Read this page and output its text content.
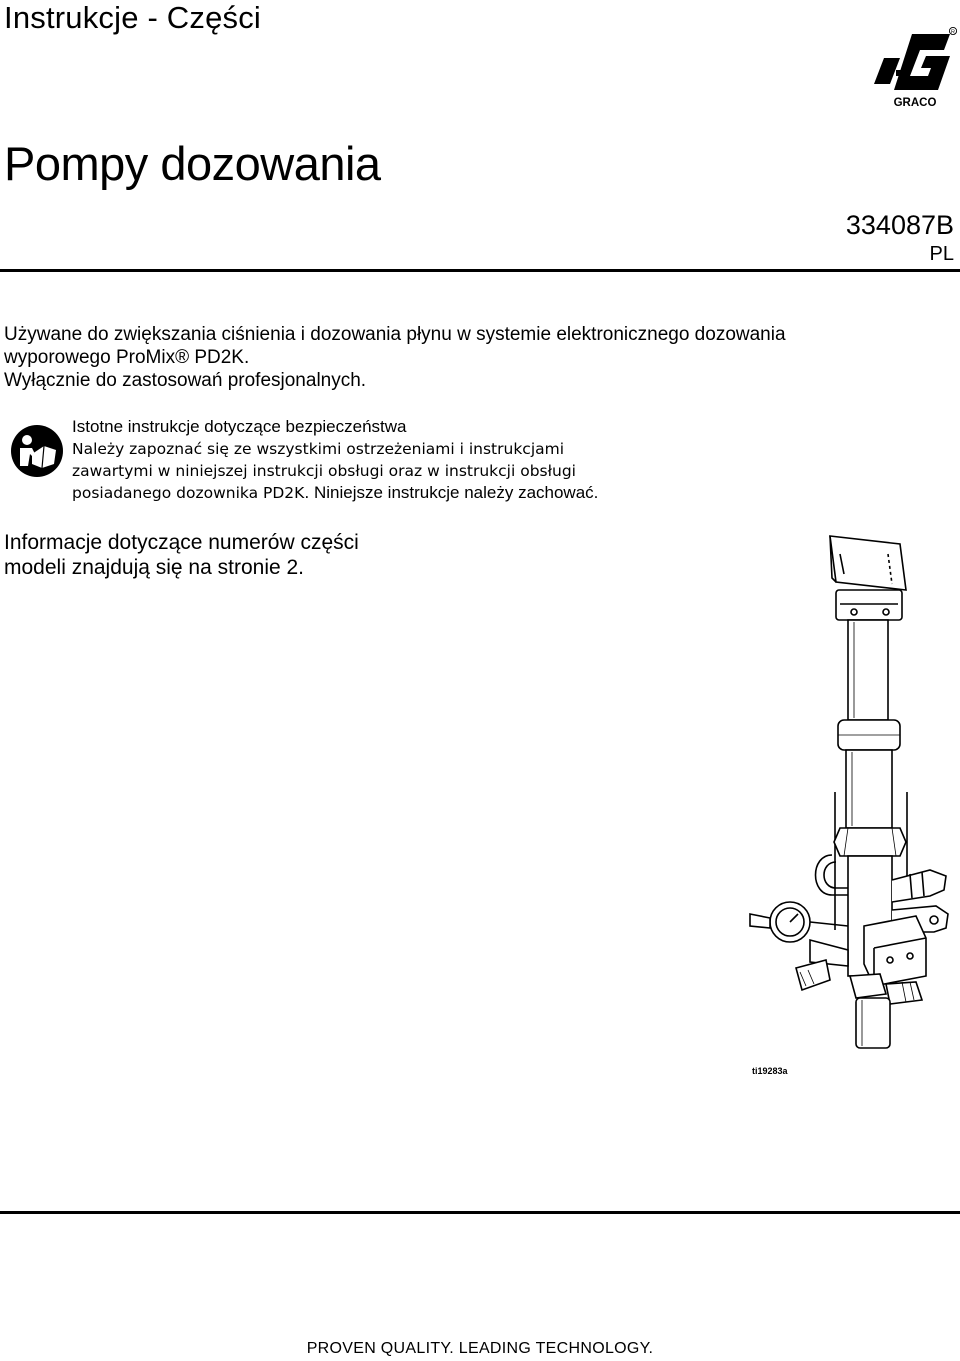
Instrukcje - Części	R
GRACO
Pompy dozowania
334087B
PL
Używane do zwiększania ciśnienia i dozowania płynu w systemie elektronicznego dozowania
wyporowego ProMix® PD2K.
Wyłącznie do zastosowań profesjonalnych.
Istotne instrukcje dotyczące bezpieczeństwa
Należy zapoznać się ze wszystkimi ostrzeżeniami i instrukcjami
zawartymi w niniejszej instrukcji obsługi oraz w instrukcji obsługi
posiadanego dozownika PD2K. Niniejsze instrukcje należy zachować.
Informacje dotyczące numerów części
modeli znajdują się na stronie 2.
ti19283a
PROVEN QUALITY. LEADING TECHNOLOGY.
